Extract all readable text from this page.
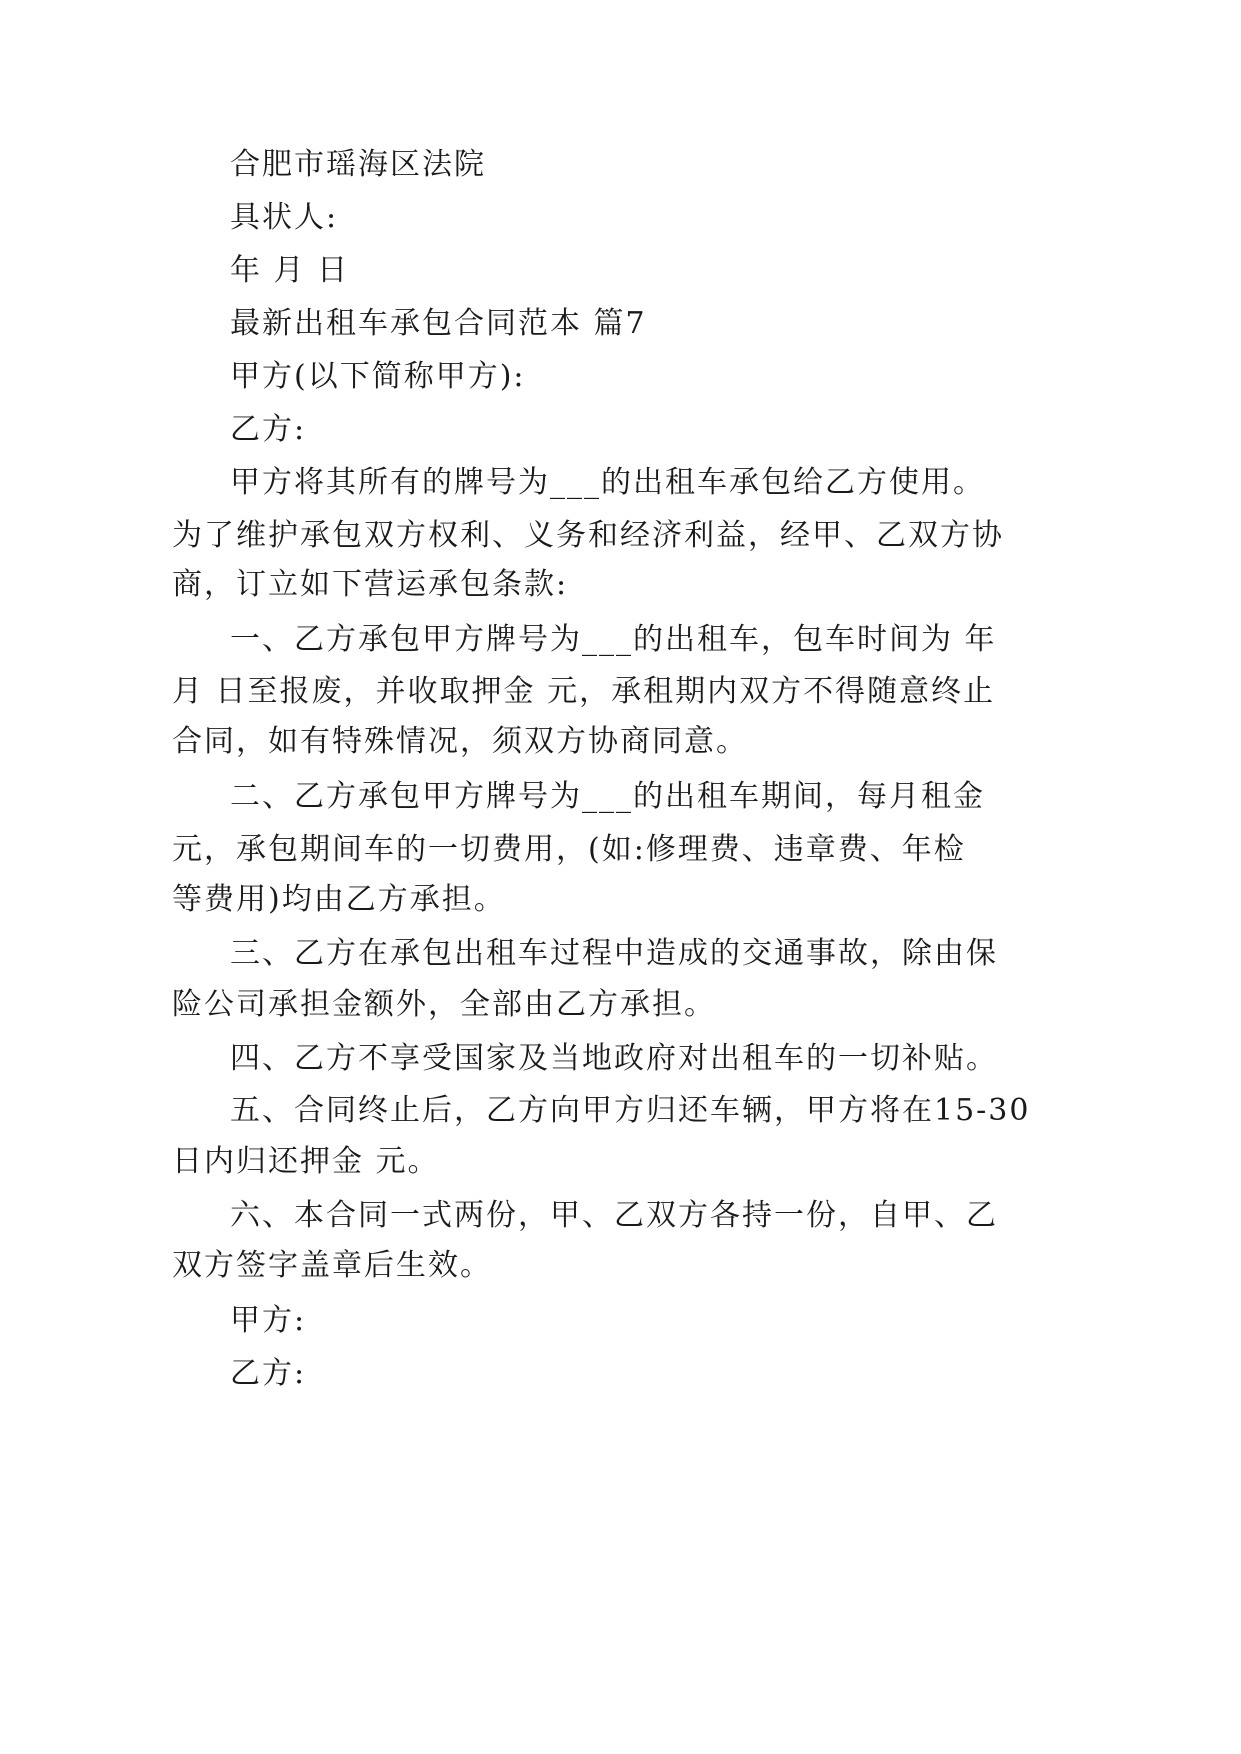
合肥市瑶海区法院
具状人:
年 月 日
最新出租车承包合同范本 篇7
甲方(以下简称甲方):
乙方:
甲方将其所有的牌号为___的出租车承包给乙方使用。
为了维护承包双方权利、义务和经济利益，经甲、乙双方协
商，订立如下营运承包条款:
一、乙方承包甲方牌号为___的出租车，包车时间为 年
月 日至报废，并收取押金 元，承租期内双方不得随意终止
合同，如有特殊情况，须双方协商同意。
二、乙方承包甲方牌号为___的出租车期间，每月租金
元，承包期间车的一切费用，(如:修理费、违章费、年检
等费用)均由乙方承担。
三、乙方在承包出租车过程中造成的交通事故，除由保
险公司承担金额外，全部由乙方承担。
四、乙方不享受国家及当地政府对出租车的一切补贴。
五、合同终止后，乙方向甲方归还车辆，甲方将在15-30
日内归还押金 元。
六、本合同一式两份，甲、乙双方各持一份，自甲、乙
双方签字盖章后生效。
甲方:
乙方:
